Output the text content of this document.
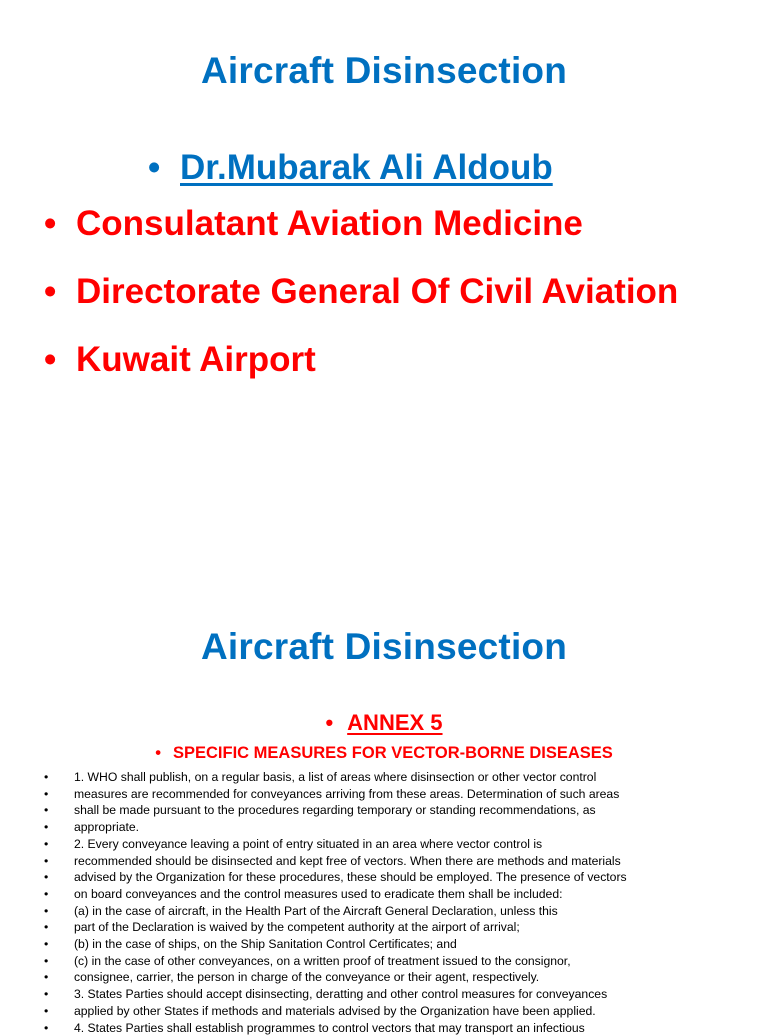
Aircraft Disinsection
• Dr.Mubarak Ali Aldoub
• Consulatant Aviation Medicine
• Directorate General Of Civil Aviation
• Kuwait Airport
Aircraft Disinsection
• ANNEX 5
• SPECIFIC MEASURES FOR VECTOR-BORNE DISEASES
•	1. WHO shall publish, on a regular basis, a list of areas where disinsection or other vector control
•	measures are recommended for conveyances arriving from these areas. Determination of such areas
•	shall be made pursuant to the procedures regarding temporary or standing recommendations, as
•	appropriate.
•	2. Every conveyance leaving a point of entry situated in an area where vector control is
•	recommended should be disinsected and kept free of vectors. When there are methods and materials
•	advised by the Organization for these procedures, these should be employed. The presence of vectors
•	on board conveyances and the control measures used to eradicate them shall be included:
•	(a) in the case of aircraft, in the Health Part of the Aircraft General Declaration, unless this
•	part of the Declaration is waived by the competent authority at the airport of arrival;
•	(b) in the case of ships, on the Ship Sanitation Control Certificates; and
•	(c) in the case of other conveyances, on a written proof of treatment issued to the consignor,
•	consignee, carrier, the person in charge of the conveyance or their agent, respectively.
•	3. States Parties should accept disinsecting, deratting and other control measures for conveyances
•	applied by other States if methods and materials advised by the Organization have been applied.
•	4. States Parties shall establish programmes to control vectors that may transport an infectious
